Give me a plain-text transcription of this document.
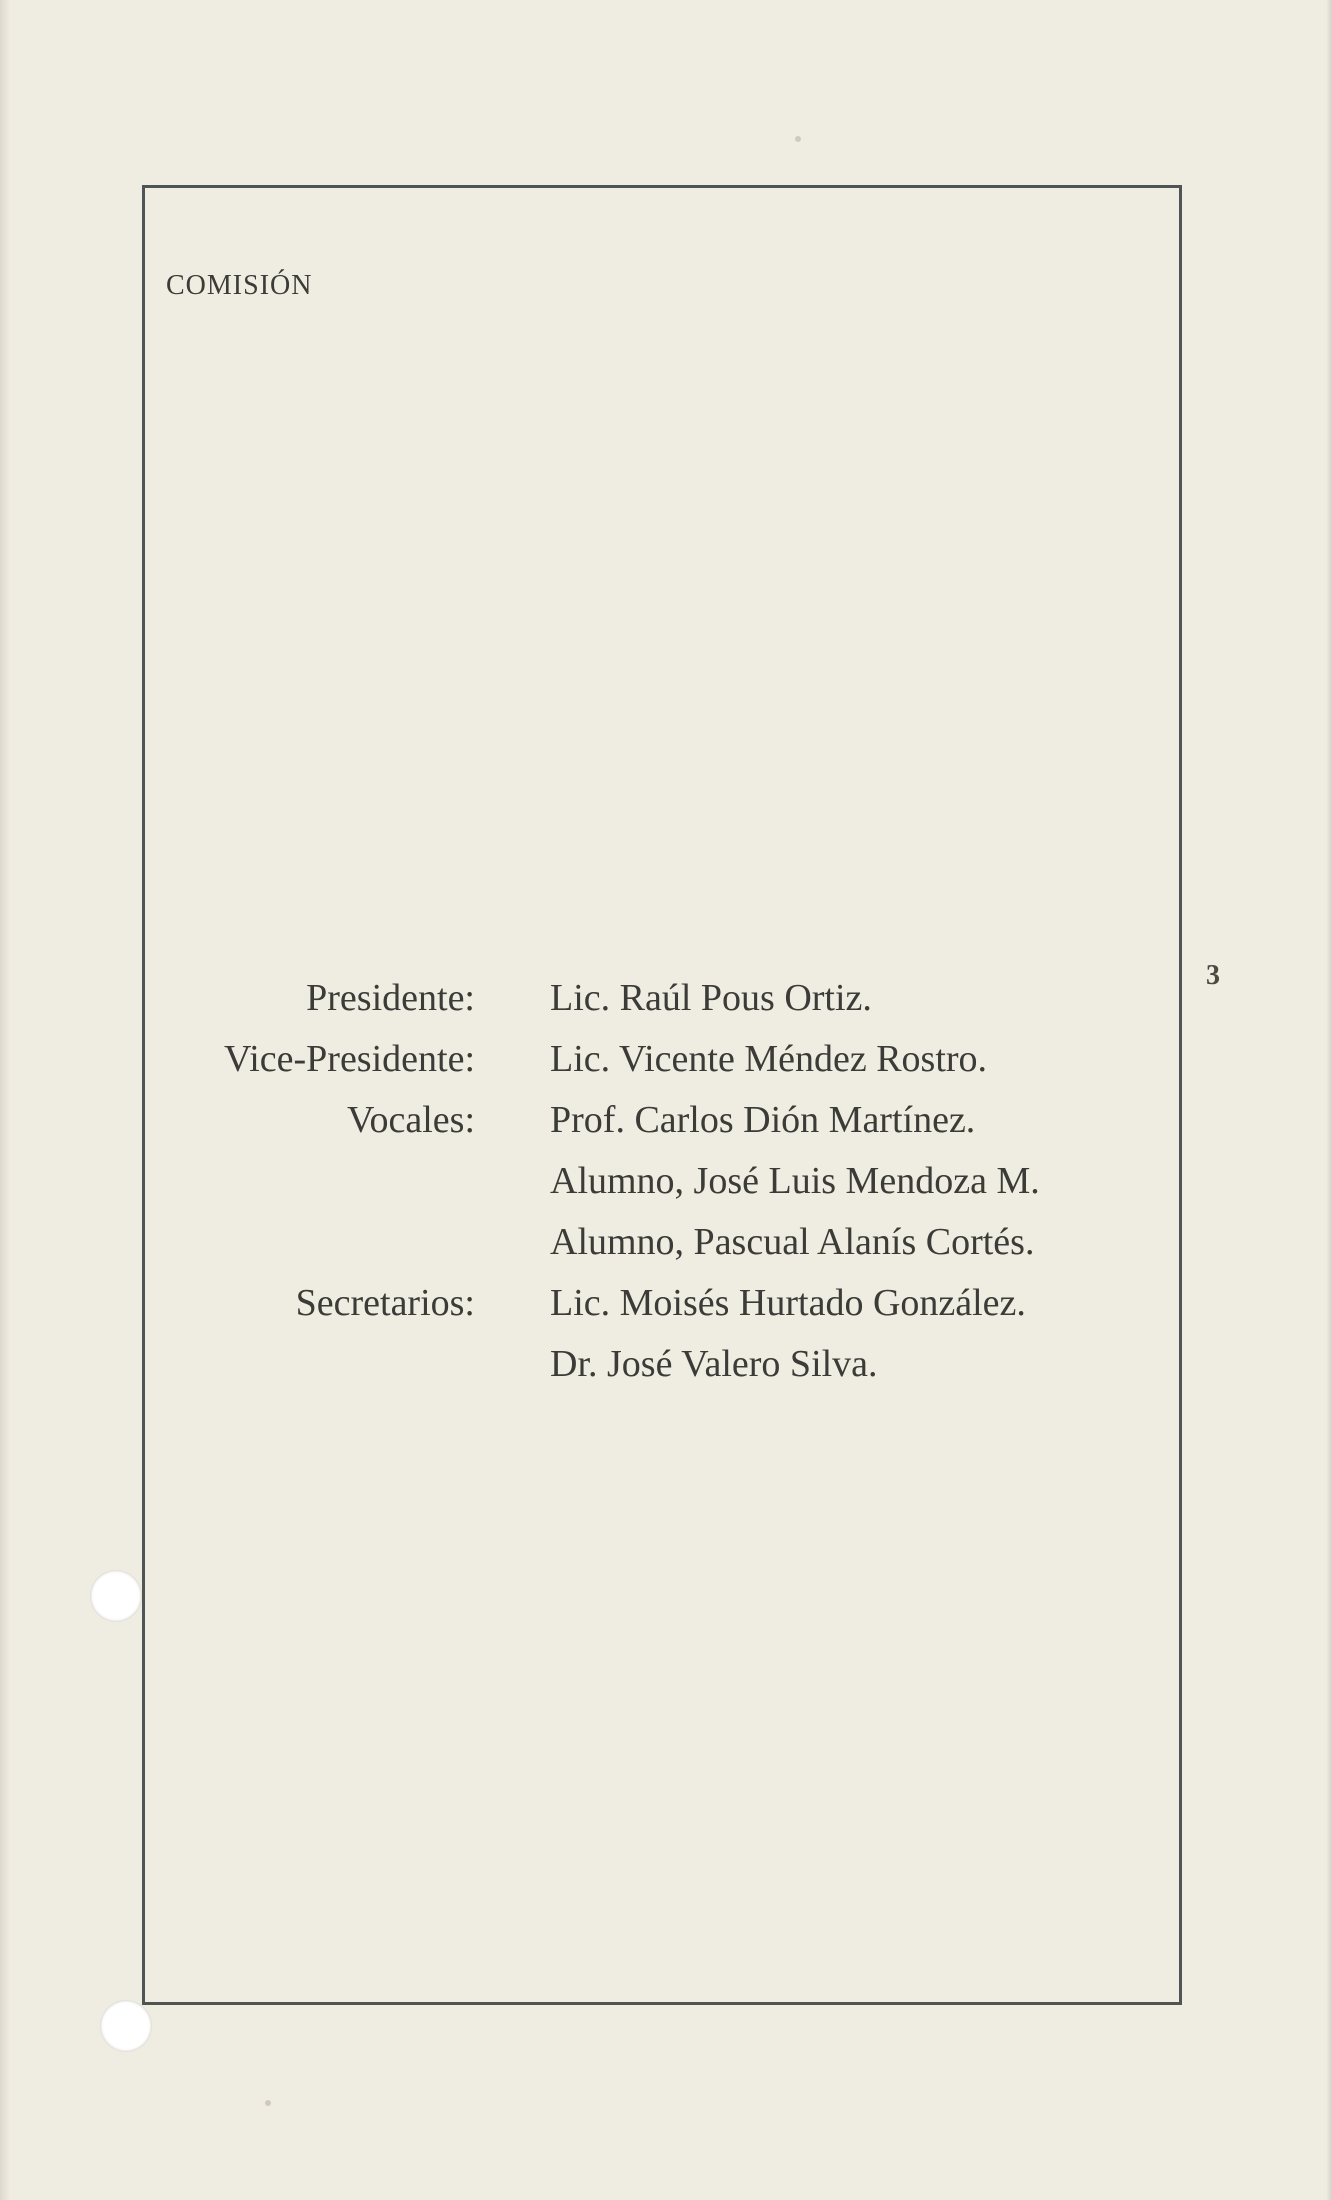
COMISIÓN
Presidente:
Vice-Presidente:
Vocales:
Secretarios:
Lic. Raúl Pous Ortiz.
Lic. Vicente Méndez Rostro.
Prof. Carlos Dión Martínez.
Alumno, José Luis Mendoza M.
Alumno, Pascual Alanís Cortés.
Lic. Moisés Hurtado González.
Dr. José Valero Silva.
3
